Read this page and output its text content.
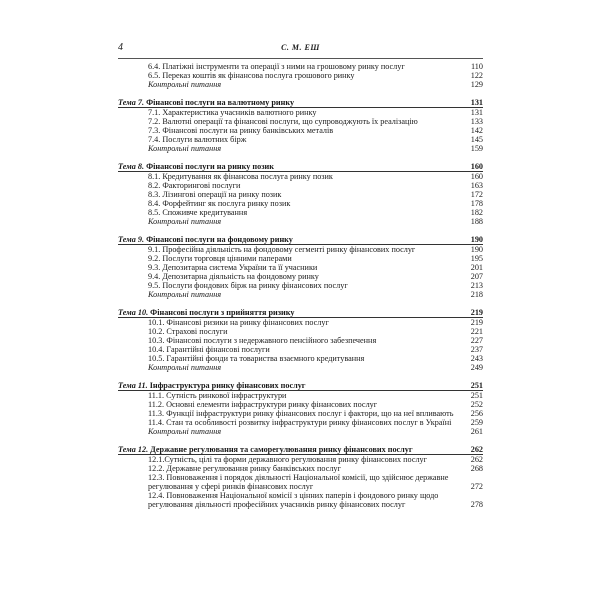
4	С. М. ЕШ
6.4. Платіжні інструменти та операції з ними на грошовому ринку послуг	110
6.5. Переказ коштів як фінансова послуга грошового ринку	122
Контрольні питання	129
Тема 7. Фінансові послуги на валютному ринку	131
7.1. Характеристика учасників валютного ринку	131
7.2. Валютні операції та фінансові послуги, що супроводжують їх реалізацію	133
7.3. Фінансові послуги на ринку банківських металів	142
7.4. Послуги валютних бірж	145
Контрольні питання	159
Тема 8. Фінансові послуги на ринку позик	160
8.1. Кредитування як фінансова послуга ринку позик	160
8.2. Факторингові послуги	163
8.3. Лізингові операції на ринку позик	172
8.4. Форфейтинг як послуга ринку позик	178
8.5. Споживче кредитування	182
Контрольні питання	188
Тема 9. Фінансові послуги на фондовому ринку	190
9.1. Професійна діяльність на фондовому сегменті ринку фінансових послуг	190
9.2. Послуги торговця цінними паперами	195
9.3. Депозитарна система України та її учасники	201
9.4. Депозитарна діяльність на фондовому ринку	207
9.5. Послуги фондових бірж на ринку фінансових послуг	213
Контрольні питання	218
Тема 10. Фінансові послуги з прийняття ризику	219
10.1. Фінансові ризики на ринку фінансових послуг	219
10.2. Страхові послуги	221
10.3. Фінансові послуги з недержавного пенсійного забезпечення	227
10.4. Гарантійні фінансові послуги	237
10.5. Гарантійні фонди та товариства взаємного кредитування	243
Контрольні питання	249
Тема 11. Інфраструктура ринку фінансових послуг	251
11.1. Сутність ринкової інфраструктури	251
11.2. Основні елементи інфраструктури ринку фінансових послуг	252
11.3. Функції інфраструктури ринку фінансових послуг і фактори, що на неї впливають	256
11.4. Стан та особливості розвитку інфраструктури ринку фінансових послуг в Україні	259
Контрольні питання	261
Тема 12. Державне регулювання та саморегулювання ринку фінансових послуг	262
12.1.Сутність, цілі та форми державного регулювання ринку фінансових послуг	262
12.2. Державне регулювання ринку банківських послуг	268
12.3. Повноваження і порядок діяльності Національної комісії, що здійснює державне регулювання у сфері ринків фінансових послуг	272
12.4. Повноваження Національної комісії з цінних паперів і фондового ринку щодо регулювання діяльності професійних учасників ринку фінансових послуг	278
